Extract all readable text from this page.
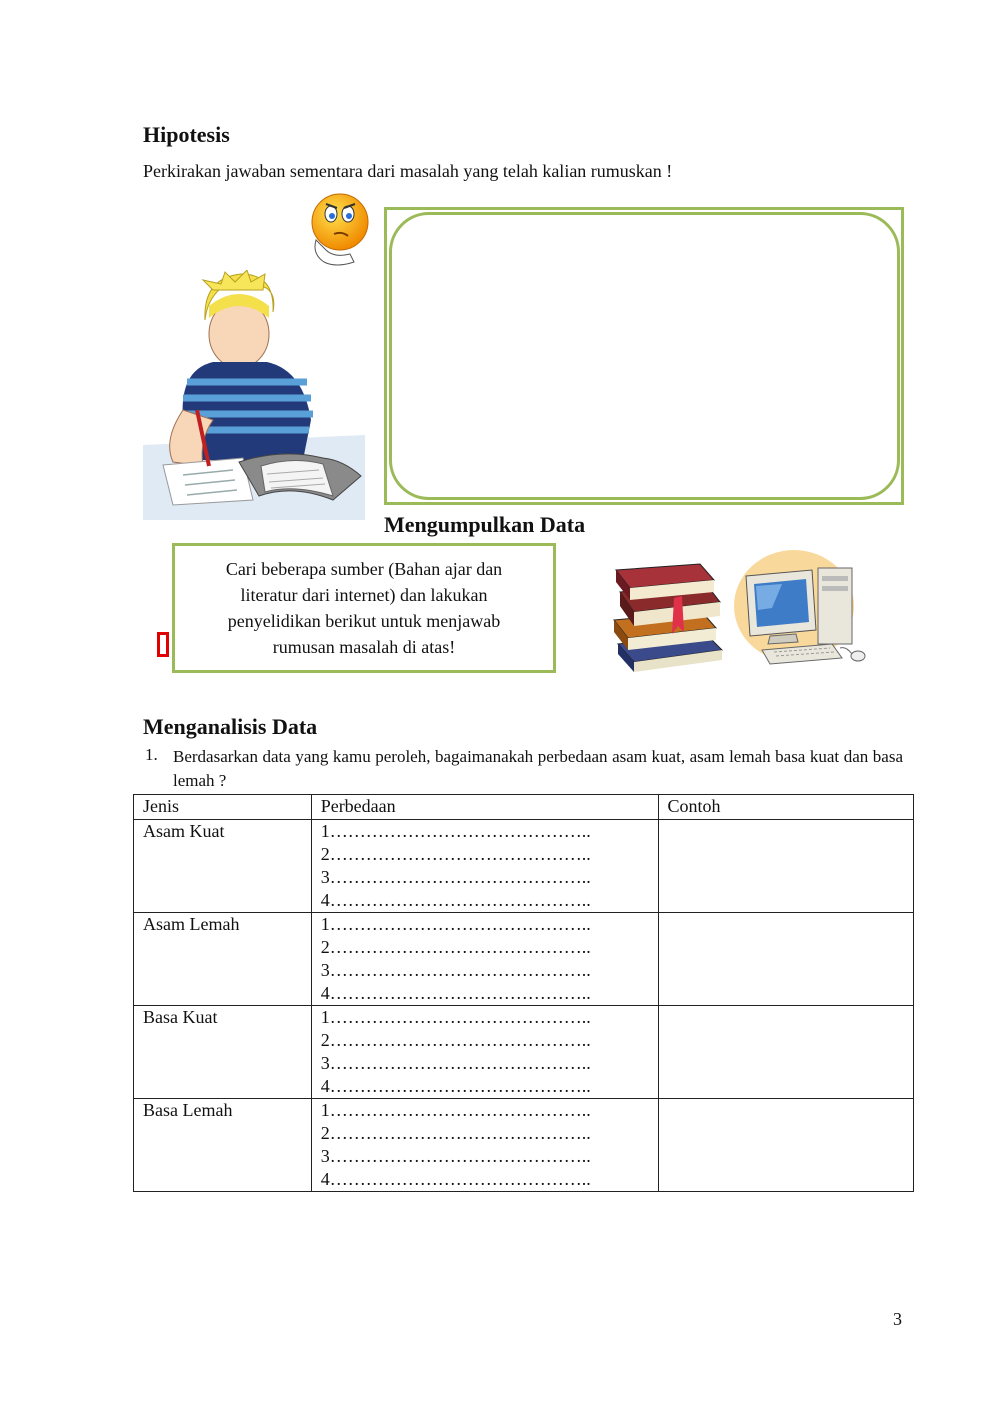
Hipotesis
Perkirakan jawaban sementara dari masalah yang telah kalian rumuskan !
Mengumpulkan Data
Cari beberapa sumber (Bahan ajar dan literatur dari internet) dan lakukan penyelidikan berikut untuk menjawab rumusan masalah di atas!
Menganalisis Data
1. Berdasarkan data yang kamu peroleh, bagaimanakah perbedaan asam kuat, asam lemah basa kuat dan basa lemah ?
Jenis	Perbedaan	Contoh
Asam Kuat	1……………………………………..
2……………………………………..
3……………………………………..
4……………………………………..	

Asam Lemah	1……………………………………..
2……………………………………..
3……………………………………..
4……………………………………..	

Basa Kuat	1……………………………………..
2……………………………………..
3……………………………………..
4……………………………………..	

Basa Lemah	1……………………………………..
2……………………………………..
3……………………………………..
4……………………………………..	

3
